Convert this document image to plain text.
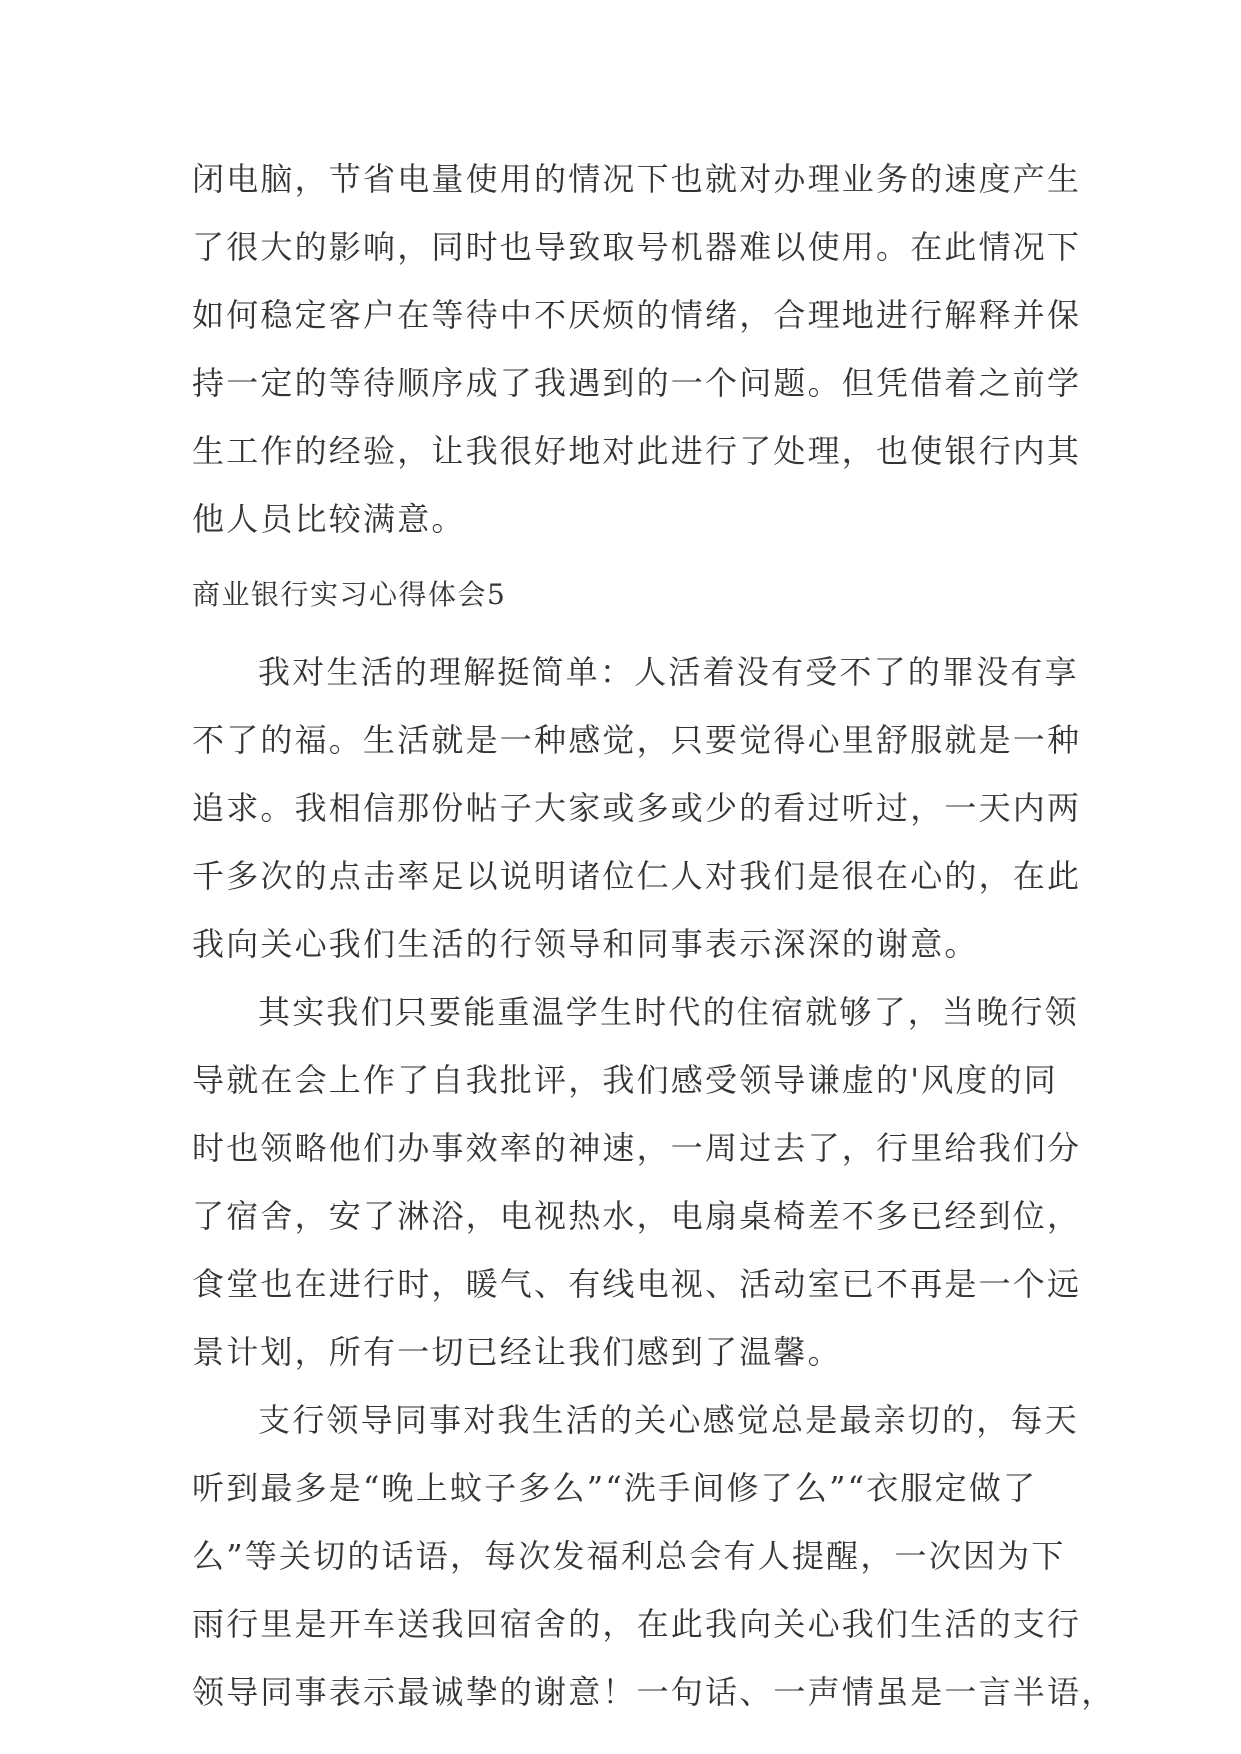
闭电脑，节省电量使用的情况下也就对办理业务的速度产生
了很大的影响，同时也导致取号机器难以使用。在此情况下
如何稳定客户在等待中不厌烦的情绪，合理地进行解释并保
持一定的等待顺序成了我遇到的一个问题。但凭借着之前学
生工作的经验，让我很好地对此进行了处理，也使银行内其
他人员比较满意。
商业银行实习心得体会5
我对生活的理解挺简单：人活着没有受不了的罪没有享
不了的福。生活就是一种感觉，只要觉得心里舒服就是一种
追求。我相信那份帖子大家或多或少的看过听过，一天内两
千多次的点击率足以说明诸位仁人对我们是很在心的，在此
我向关心我们生活的行领导和同事表示深深的谢意。
其实我们只要能重温学生时代的住宿就够了，当晚行领
导就在会上作了自我批评，我们感受领导谦虚的'风度的同
时也领略他们办事效率的神速，一周过去了，行里给我们分
了宿舍，安了淋浴，电视热水，电扇桌椅差不多已经到位，
食堂也在进行时，暖气、有线电视、活动室已不再是一个远
景计划，所有一切已经让我们感到了温馨。
支行领导同事对我生活的关心感觉总是最亲切的，每天
听到最多是“晚上蚊子多么”“洗手间修了么”“衣服定做了
么”等关切的话语，每次发福利总会有人提醒，一次因为下
雨行里是开车送我回宿舍的，在此我向关心我们生活的支行
领导同事表示最诚挚的谢意！一句话、一声情虽是一言半语，
